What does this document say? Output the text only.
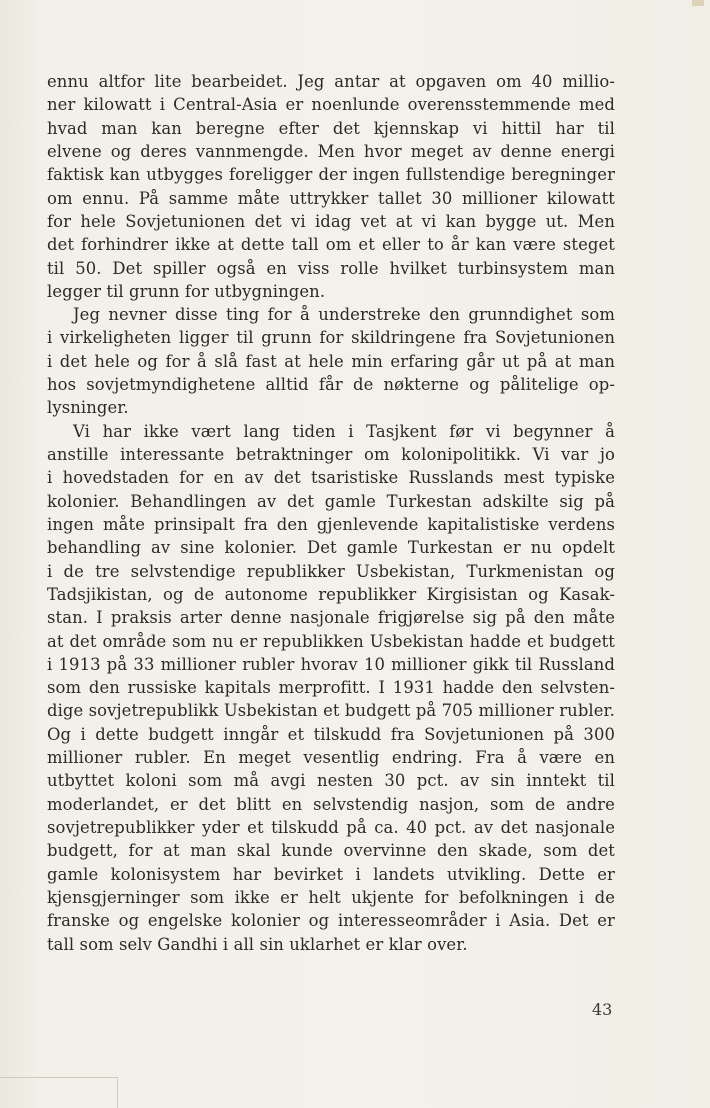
ennu altfor lite bearbeidet. Jeg antar at opgaven om 40 millio-
ner kilowatt i Central-Asia er noenlunde overensstemmende med
hvad man kan beregne efter det kjennskap vi hittil har til
elvene og deres vannmengde. Men hvor meget av denne energi
faktisk kan utbygges foreligger der ingen fullstendige beregninger
om ennu. På samme måte uttrykker tallet 30 millioner kilowatt
for hele Sovjetunionen det vi idag vet at vi kan bygge ut. Men
det forhindrer ikke at dette tall om et eller to år kan være steget
til 50. Det spiller også en viss rolle hvilket turbinsystem man
legger til grunn for utbygningen.
Jeg nevner disse ting for å understreke den grunndighet som
i virkeligheten ligger til grunn for skildringene fra Sovjetunionen
i det hele og for å slå fast at hele min erfaring går ut på at man
hos sovjetmyndighetene alltid får de nøkterne og pålitelige op-
lysninger.
Vi har ikke vært lang tiden i Tasjkent før vi begynner å
anstille interessante betraktninger om kolonipolitikk. Vi var jo
i hovedstaden for en av det tsaristiske Russlands mest typiske
kolonier. Behandlingen av det gamle Turkestan adskilte sig på
ingen måte prinsipalt fra den gjenlevende kapitalistiske verdens
behandling av sine kolonier. Det gamle Turkestan er nu opdelt
i de tre selvstendige republikker Usbekistan, Turkmenistan og
Tadsjikistan, og de autonome republikker Kirgisistan og Kasak-
stan. I praksis arter denne nasjonale frigjørelse sig på den måte
at det område som nu er republikken Usbekistan hadde et budgett
i 1913 på 33 millioner rubler hvorav 10 millioner gikk til Russland
som den russiske kapitals merprofitt. I 1931 hadde den selvsten-
dige sovjetrepublikk Usbekistan et budgett på 705 millioner rubler.
Og i dette budgett inngår et tilskudd fra Sovjetunionen på 300
millioner rubler. En meget vesentlig endring. Fra å være en
utbyttet koloni som må avgi nesten 30 pct. av sin inntekt til
moderlandet, er det blitt en selvstendig nasjon, som de andre
sovjetrepublikker yder et tilskudd på ca. 40 pct. av det nasjonale
budgett, for at man skal kunde overvinne den skade, som det
gamle kolonisystem har bevirket i landets utvikling. Dette er
kjensgjerninger som ikke er helt ukjente for befolkningen i de
franske og engelske kolonier og interesseområder i Asia. Det er
tall som selv Gandhi i all sin uklarhet er klar over.
43
